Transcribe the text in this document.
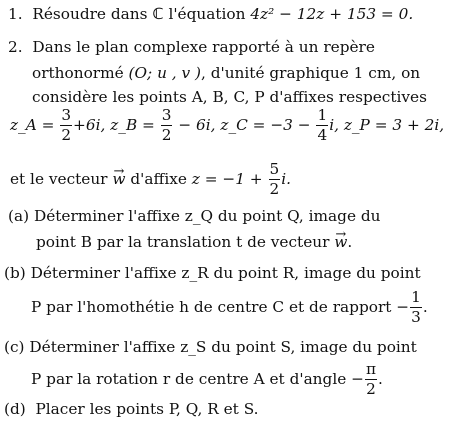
1. Résoudre dans ℂ l'équation 4z² − 12z + 153 = 0.
2. Dans le plan complexe rapporté à un repère
orthonormé (O; u , v ), d'unité graphique 1 cm, on
considère les points A, B, C, P d'affixes respectives
z_A = $\frac{3}{2} +6i$, z_B = $\frac{3}{2} - 6i$, z_C = $-3 - \frac{1}{4} i$, z_P = 3 + 2i,
et le vecteur → w d'affixe $z = -1 + \frac{5}{2} i$.
(a) Déterminer l'affixe z_Q du point Q, image du
point B par la translation t de vecteur → w.
(b) Déterminer l'affixe z_R du point R, image du point
P par l'homothétie h de centre C et de rapport − $\frac{1}{3}$ .
(c) Déterminer l'affixe z_S du point S, image du point
P par la rotation r de centre A et d'angle − $\frac{\pi}{2}$ .
(d) Placer les points P, Q, R et S.
